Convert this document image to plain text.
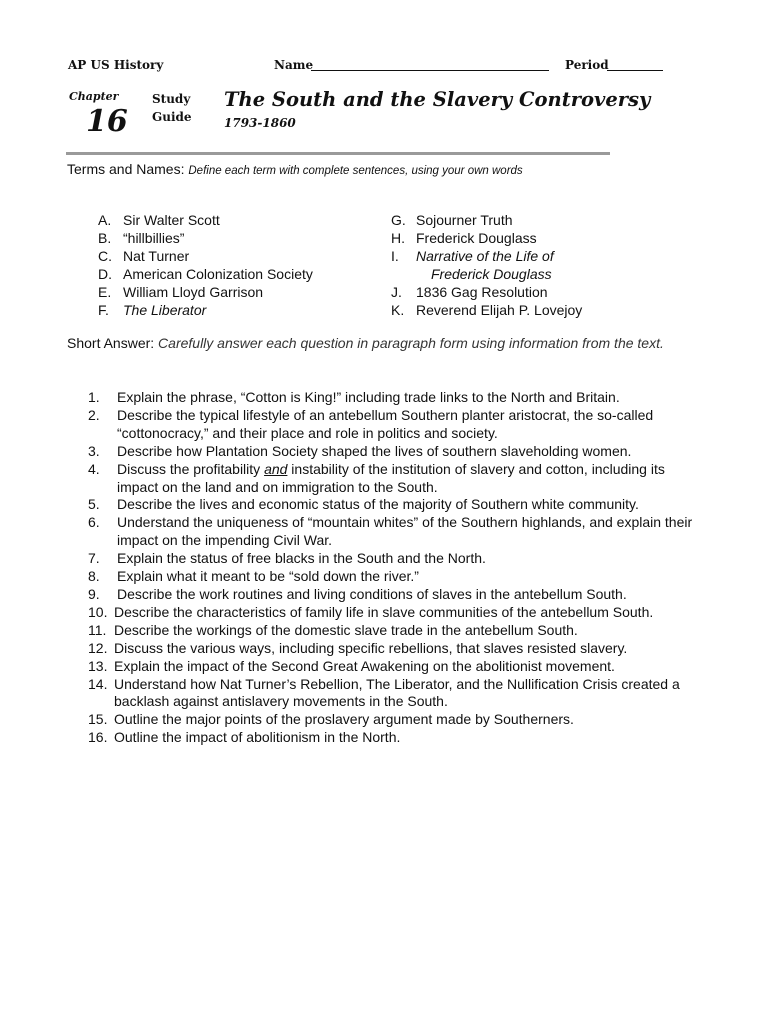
AP US History	Name	Period
Chapter
16
Study
Guide
The South and the Slavery Controversy
1793-1860
Terms and Names: Define each term with complete sentences, using your own words
A. Sir Walter Scott
B. “hillbillies”
C. Nat Turner
D. American Colonization Society
E. William Lloyd Garrison
F. The Liberator
G. Sojourner Truth
H. Frederick Douglass
I. Narrative of the Life of
Frederick Douglass
J. 1836 Gag Resolution
K. Reverend Elijah P. Lovejoy
Short Answer: Carefully answer each question in paragraph form using information from the text.
1. Explain the phrase, “Cotton is King!” including trade links to the North and Britain.
2. Describe the typical lifestyle of an antebellum Southern planter aristocrat, the so-called “cottonocracy,” and their place and role in politics and society.
3. Describe how Plantation Society shaped the lives of southern slaveholding women.
4. Discuss the profitability and instability of the institution of slavery and cotton, including its impact on the land and on immigration to the South.
5. Describe the lives and economic status of the majority of Southern white community.
6. Understand the uniqueness of “mountain whites” of the Southern highlands, and explain their impact on the impending Civil War.
7. Explain the status of free blacks in the South and the North.
8. Explain what it meant to be “sold down the river.”
9. Describe the work routines and living conditions of slaves in the antebellum South.
10. Describe the characteristics of family life in slave communities of the antebellum South.
11. Describe the workings of the domestic slave trade in the antebellum South.
12. Discuss the various ways, including specific rebellions, that slaves resisted slavery.
13. Explain the impact of the Second Great Awakening on the abolitionist movement.
14. Understand how Nat Turner’s Rebellion, The Liberator, and the Nullification Crisis created a backlash against antislavery movements in the South.
15. Outline the major points of the proslavery argument made by Southerners.
16. Outline the impact of abolitionism in the North.
